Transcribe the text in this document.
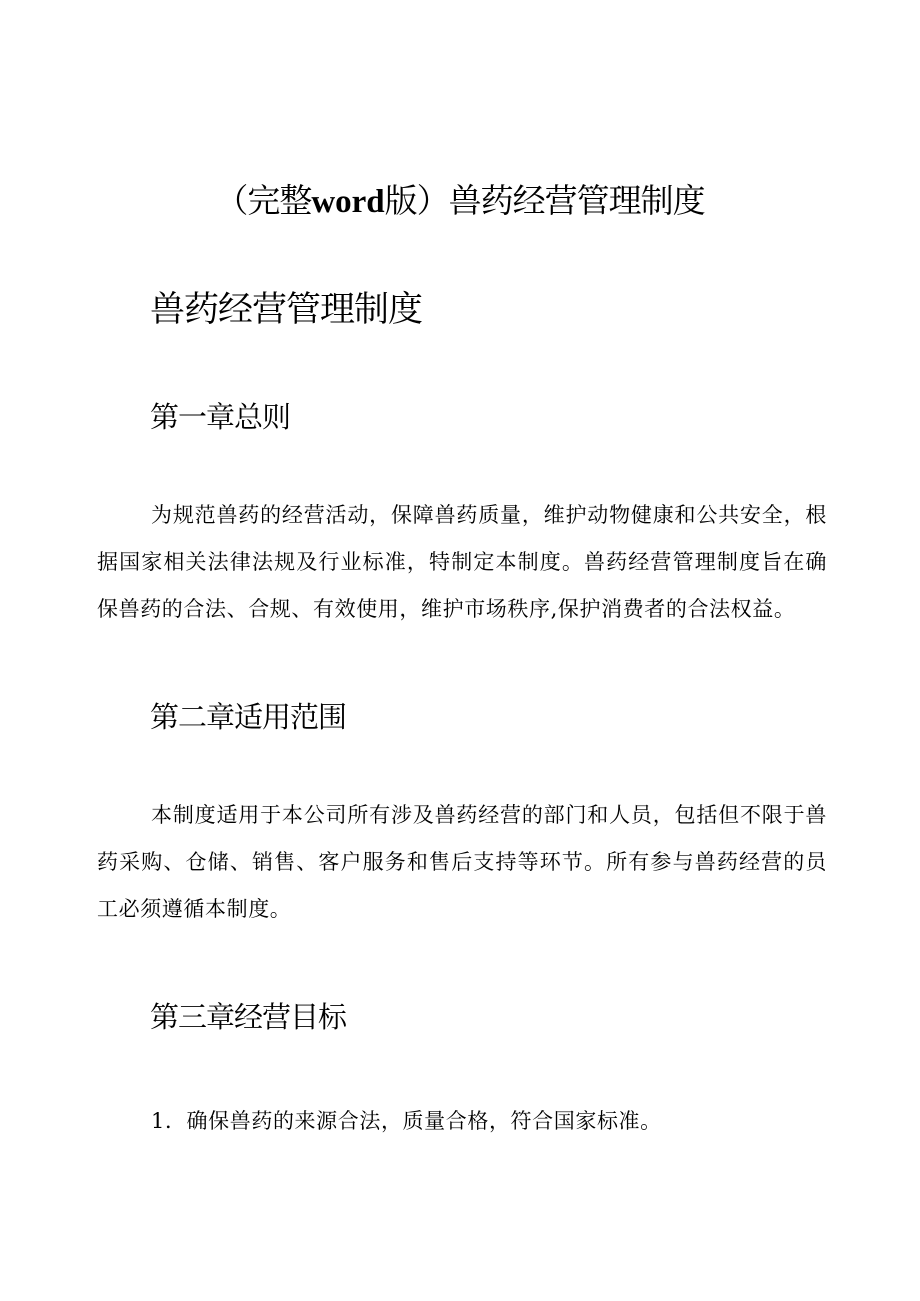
（完整word版）兽药经营管理制度
兽药经营管理制度
第一章总则
为规范兽药的经营活动，保障兽药质量，维护动物健康和公共安全，根据国家相关法律法规及行业标准，特制定本制度。兽药经营管理制度旨在确保兽药的合法、合规、有效使用，维护市场秩序,保护消费者的合法权益。
第二章适用范围
本制度适用于本公司所有涉及兽药经营的部门和人员，包括但不限于兽药采购、仓储、销售、客户服务和售后支持等环节。所有参与兽药经营的员工必须遵循本制度。
第三章经营目标
1．确保兽药的来源合法，质量合格，符合国家标准。
